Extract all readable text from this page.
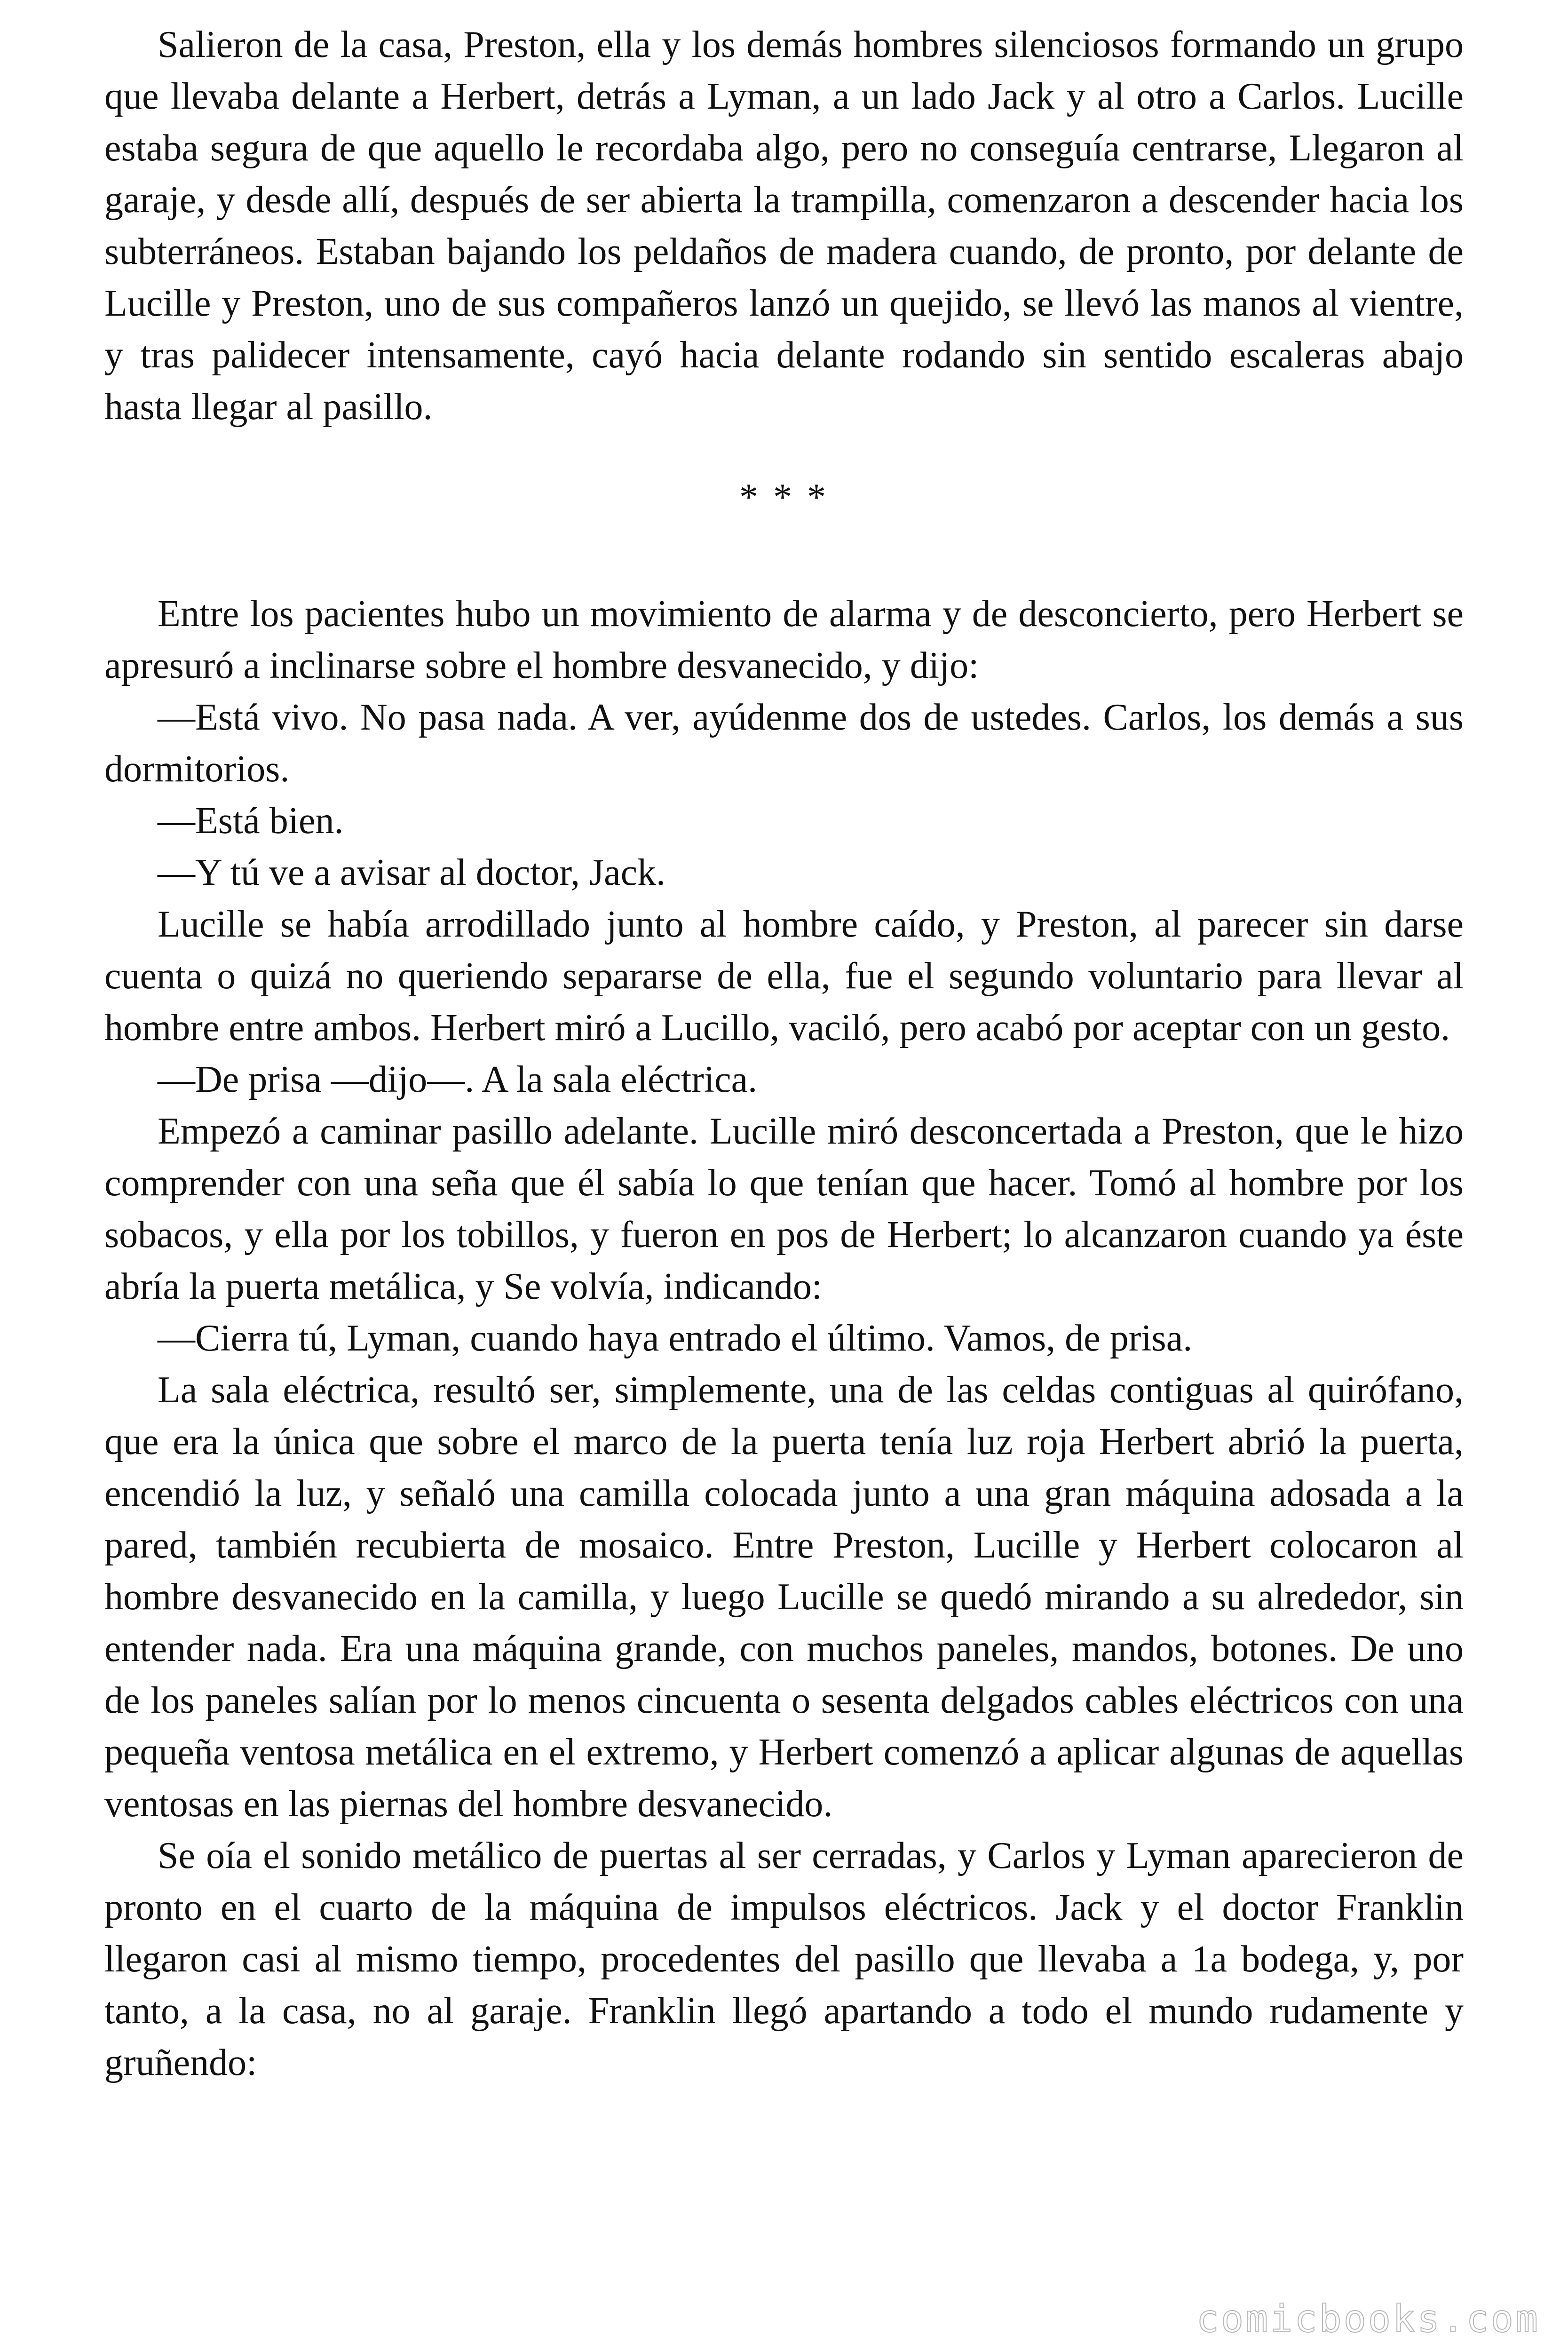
Salieron de la casa, Preston, ella y los demás hombres silenciosos formando un grupo que llevaba delante a Herbert, detrás a Lyman, a un lado Jack y al otro a Carlos. Lucille estaba segura de que aquello le recordaba algo, pero no conseguía centrarse, Llegaron al garaje, y desde allí, después de ser abierta la trampilla, comenzaron a descender hacia los subterráneos. Estaban bajando los peldaños de madera cuando, de pronto, por delante de Lucille y Preston, uno de sus compañeros lanzó un quejido, se llevó las manos al vientre, y tras palidecer intensamente, cayó hacia delante rodando sin sentido escaleras abajo hasta llegar al pasillo.

* * *

Entre los pacientes hubo un movimiento de alarma y de desconcierto, pero Herbert se apresuró a inclinarse sobre el hombre desvanecido, y dijo:

—Está vivo. No pasa nada. A ver, ayúdenme dos de ustedes. Carlos, los demás a sus dormitorios.

—Está bien.

—Y tú ve a avisar al doctor, Jack.

Lucille se había arrodillado junto al hombre caído, y Preston, al parecer sin darse cuenta o quizá no queriendo separarse de ella, fue el segundo voluntario para llevar al hombre entre ambos. Herbert miró a Lucillo, vaciló, pero acabó por aceptar con un gesto.

—De prisa —dijo—. A la sala eléctrica.

Empezó a caminar pasillo adelante. Lucille miró desconcertada a Preston, que le hizo comprender con una seña que él sabía lo que tenían que hacer. Tomó al hombre por los sobacos, y ella por los tobillos, y fueron en pos de Herbert; lo alcanzaron cuando ya éste abría la puerta metálica, y Se volvía, indicando:

—Cierra tú, Lyman, cuando haya entrado el último. Vamos, de prisa.

La sala eléctrica, resultó ser, simplemente, una de las celdas contiguas al quirófano, que era la única que sobre el marco de la puerta tenía luz roja Herbert abrió la puerta, encendió la luz, y señaló una camilla colocada junto a una gran máquina adosada a la pared, también recubierta de mosaico. Entre Preston, Lucille y Herbert colocaron al hombre desvanecido en la camilla, y luego Lucille se quedó mirando a su alrededor, sin entender nada. Era una máquina grande, con muchos paneles, mandos, botones. De uno de los paneles salían por lo menos cincuenta o sesenta delgados cables eléctricos con una pequeña ventosa metálica en el extremo, y Herbert comenzó a aplicar algunas de aquellas ventosas en las piernas del hombre desvanecido.

Se oía el sonido metálico de puertas al ser cerradas, y Carlos y Lyman aparecieron de pronto en el cuarto de la máquina de impulsos eléctricos. Jack y el doctor Franklin llegaron casi al mismo tiempo, procedentes del pasillo que llevaba a 1a bodega, y, por tanto, a la casa, no al garaje. Franklin llegó apartando a todo el mundo rudamente y gruñendo:

comicbooks.com
